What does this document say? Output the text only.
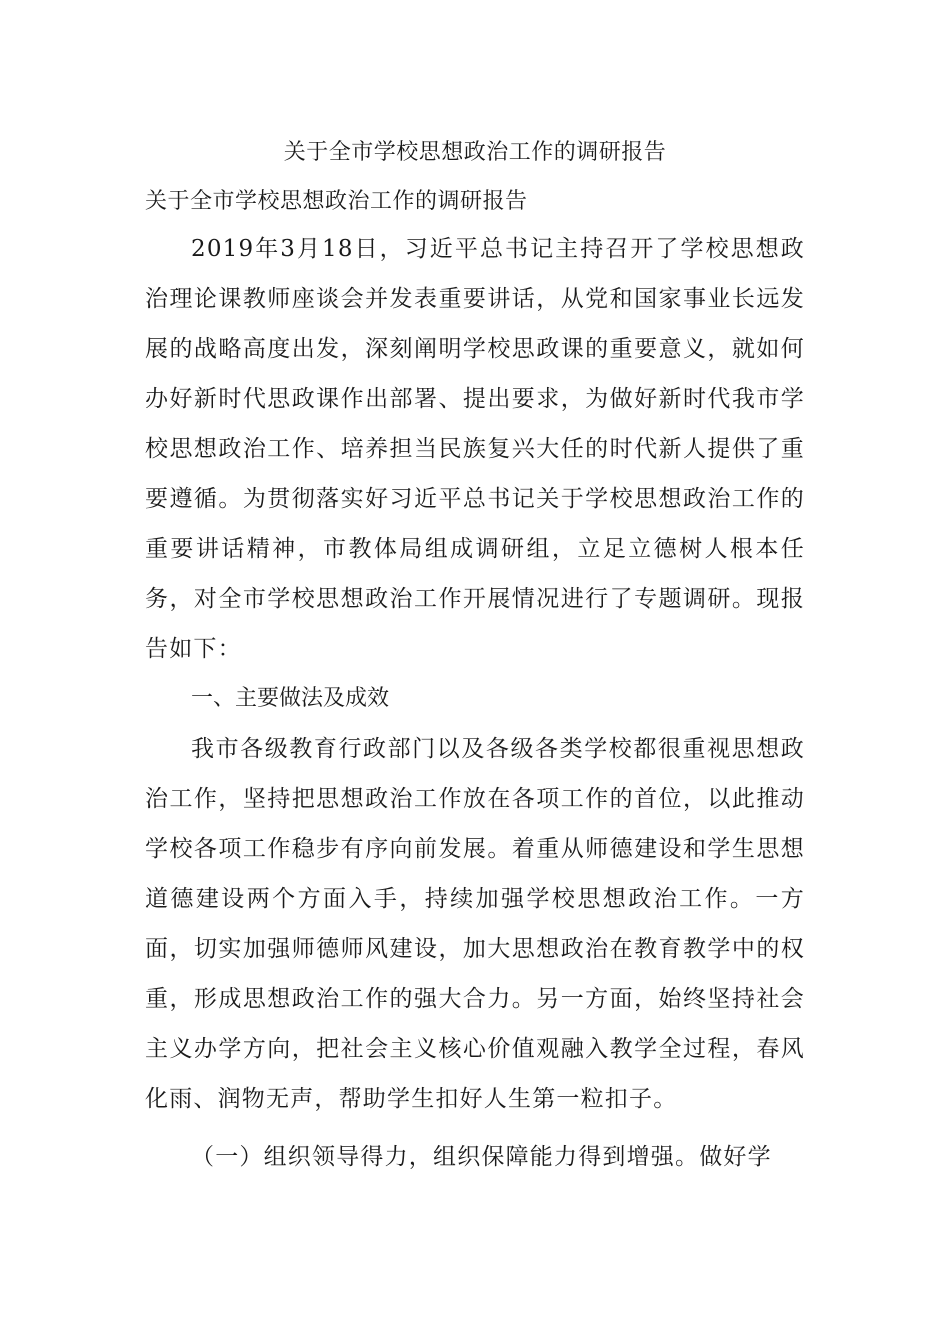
关于全市学校思想政治工作的调研报告
关于全市学校思想政治工作的调研报告

2019年3月18日，习近平总书记主持召开了学校思想政治理论课教师座谈会并发表重要讲话，从党和国家事业长远发展的战略高度出发，深刻阐明学校思政课的重要意义，就如何办好新时代思政课作出部署、提出要求，为做好新时代我市学校思想政治工作、培养担当民族复兴大任的时代新人提供了重要遵循。为贯彻落实好习近平总书记关于学校思想政治工作的重要讲话精神，市教体局组成调研组，立足立德树人根本任务，对全市学校思想政治工作开展情况进行了专题调研。现报告如下：

一、主要做法及成效

我市各级教育行政部门以及各级各类学校都很重视思想政治工作，坚持把思想政治工作放在各项工作的首位，以此推动学校各项工作稳步有序向前发展。着重从师德建设和学生思想道德建设两个方面入手，持续加强学校思想政治工作。一方面，切实加强师德师风建设，加大思想政治在教育教学中的权重，形成思想政治工作的强大合力。另一方面，始终坚持社会主义办学方向，把社会主义核心价值观融入教学全过程，春风化雨、润物无声，帮助学生扣好人生第一粒扣子。

（一）组织领导得力，组织保障能力得到增强。做好学
